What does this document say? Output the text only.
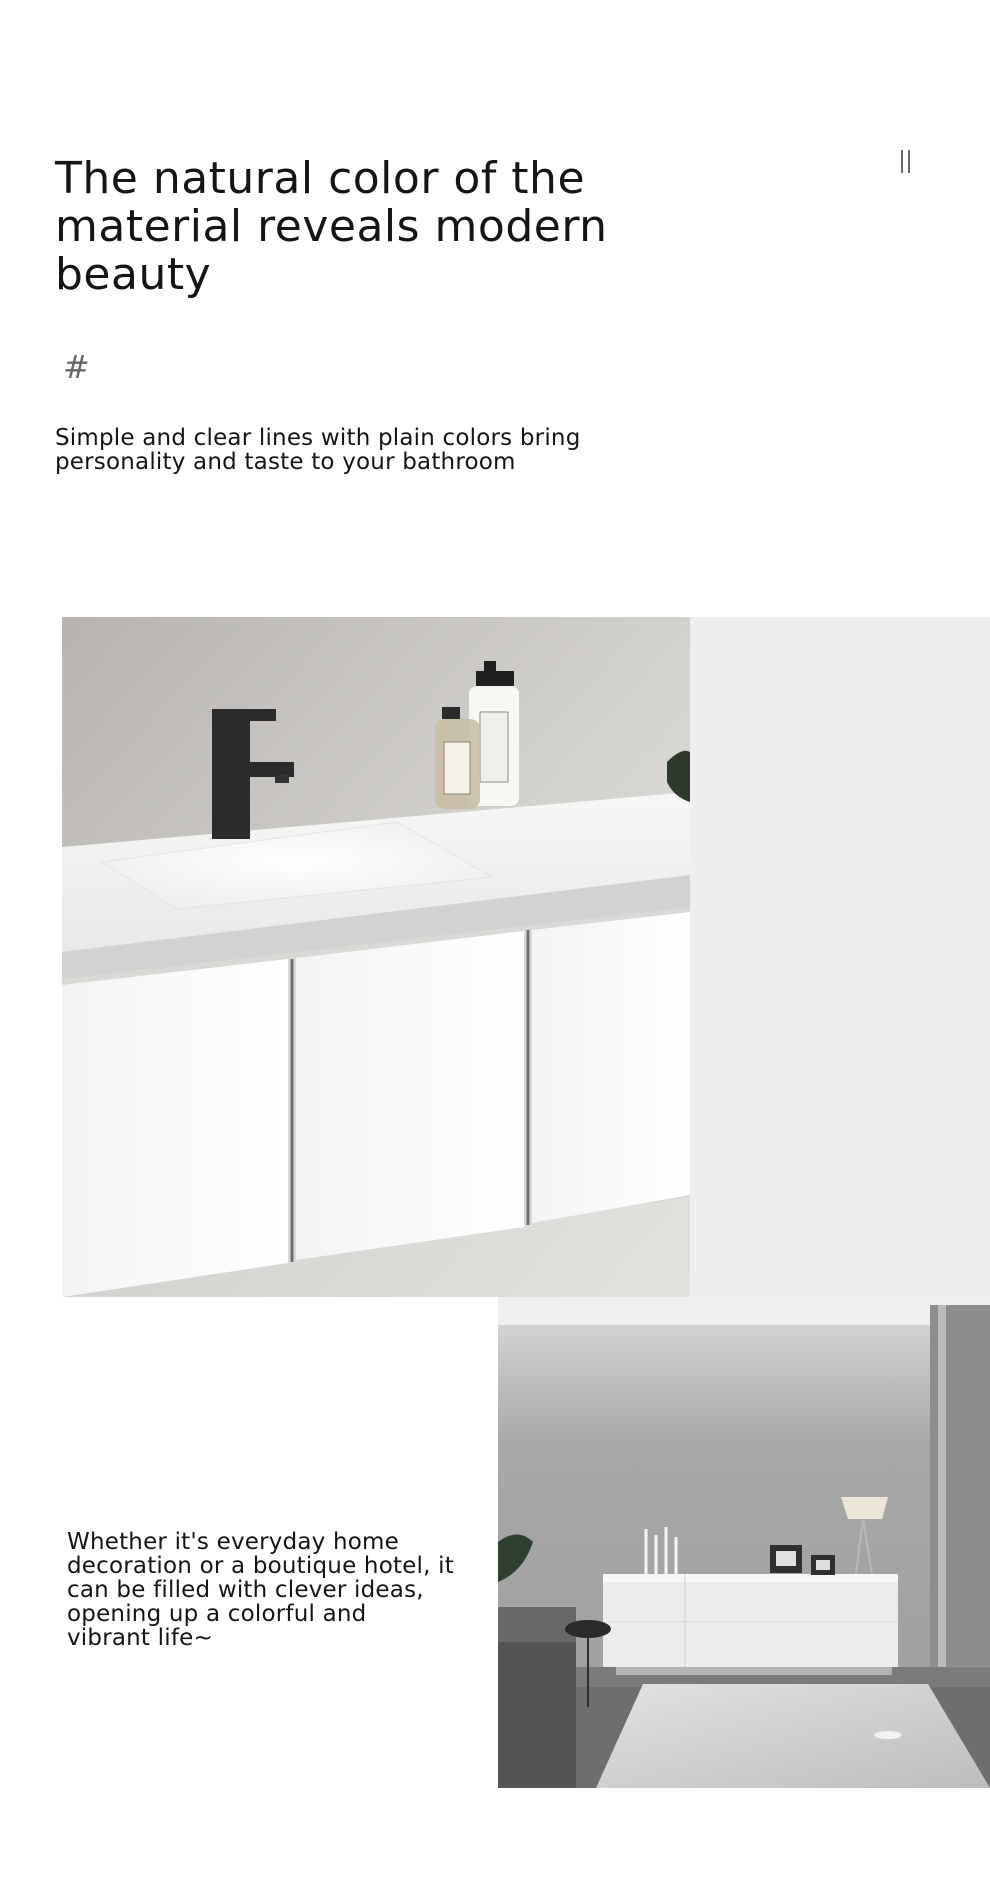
The natural color of the material reveals modern beauty
#

Simple and clear lines with plain colors bring personality and taste to your bathroom

Whether it's everyday home decoration or a boutique hotel, it can be filled with clever ideas, opening up a colorful and vibrant life~
